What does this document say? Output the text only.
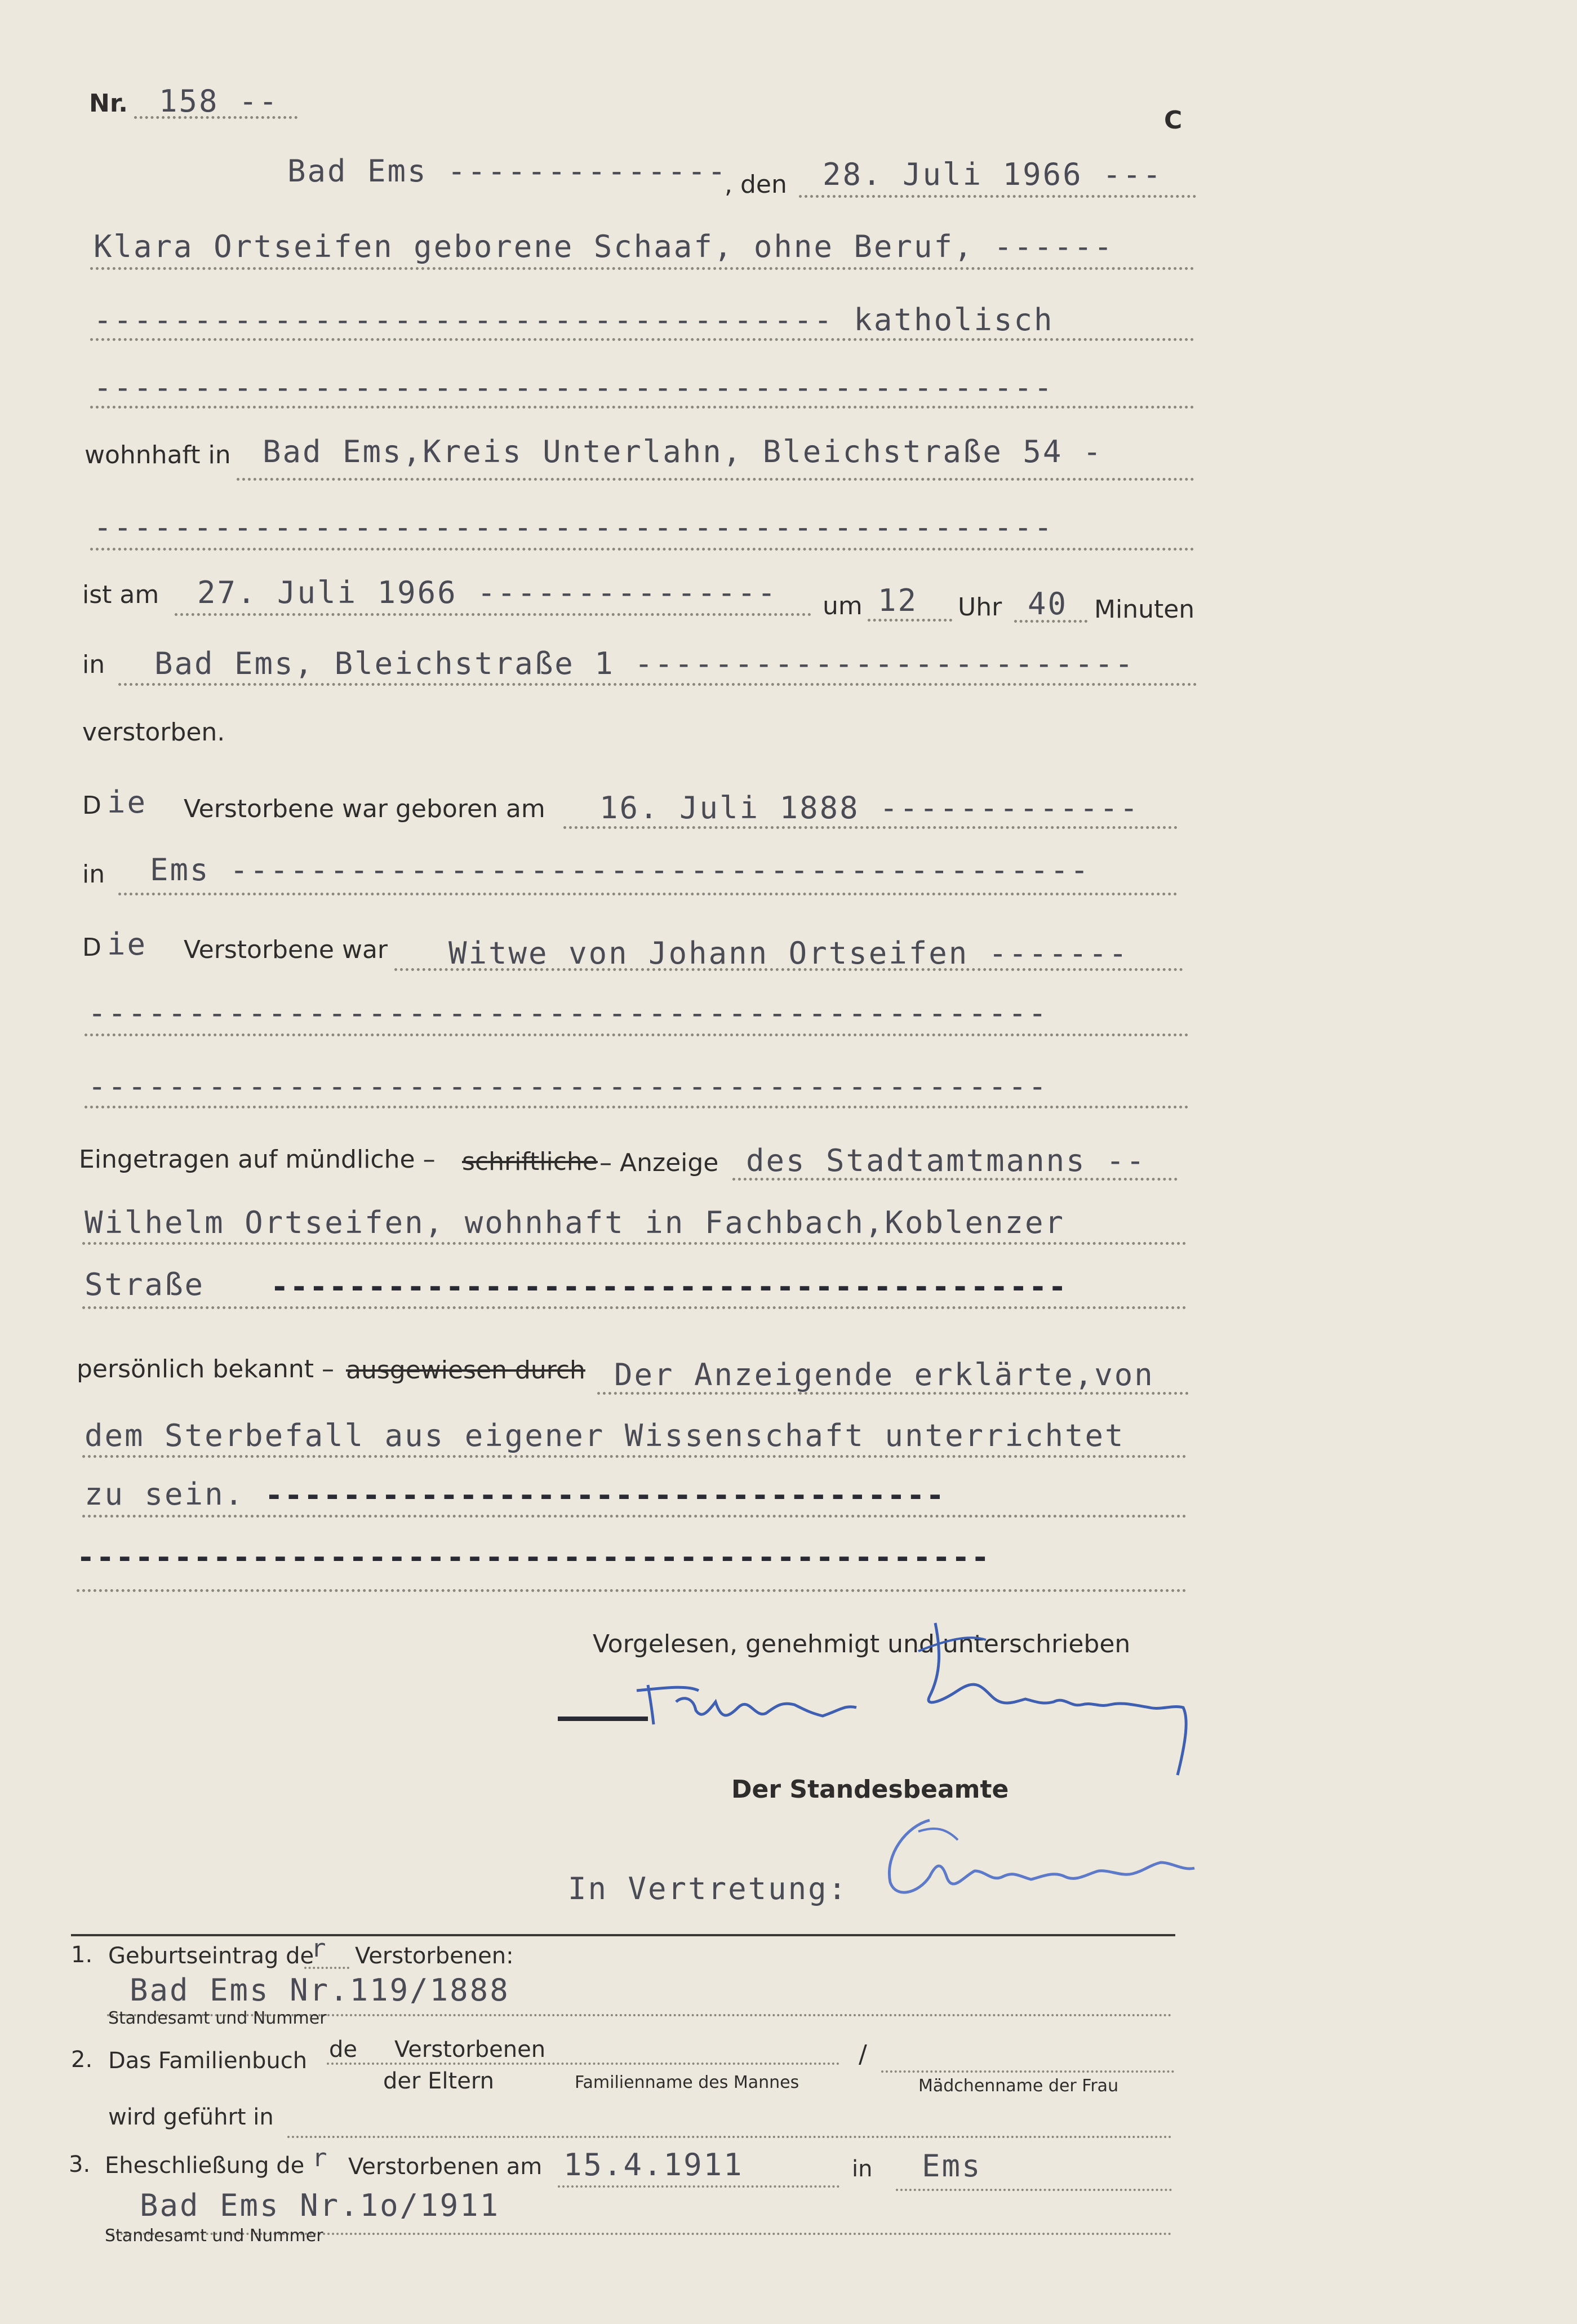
Nr. 158 --
C
Bad Ems --------------
, den 28. Juli 1966 ---
Klara Ortseifen geborene Schaaf, ohne Beruf, ------
------------------------------------- katholisch
------------------------------------------------
wohnhaft in Bad Ems,Kreis Unterlahn, Bleichstraße 54 -
------------------------------------------------
ist am 27. Juli 1966 --------------- um 12 Uhr 40 Minuten
in Bad Ems, Bleichstraße 1 -------------------------
verstorben.
D ie Verstorbene war geboren am 16. Juli 1888 -------------
in Ems -------------------------------------------
D ie Verstorbene war Witwe von Johann Ortseifen -------
------------------------------------------------
------------------------------------------------
Eingetragen auf mündliche – schriftliche – Anzeige des Stadtamtmanns --
Wilhelm Ortseifen, wohnhaft in Fachbach,Koblenzer
Straße -----------------------------------------
persönlich bekannt – ausgewiesen durch Der Anzeigende erklärte,von
dem Sterbefall aus eigener Wissenschaft unterrichtet
zu sein. -----------------------------------
-----------------------------------------------
Vorgelesen, genehmigt und unterschrieben
Der Standesbeamte
In Vertretung:
1. Geburtseintrag de
r Verstorbenen:
Bad Ems Nr.119/1888
Standesamt und Nummer
2. Das Familienbuch de Verstorbenen
der Eltern
/
Familienname des Mannes	Mädchenname der Frau
wird geführt in
3. Eheschließung de r Verstorbenen am 15.4.1911	in Ems
Bad Ems Nr.1o/1911
Standesamt und Nummer
